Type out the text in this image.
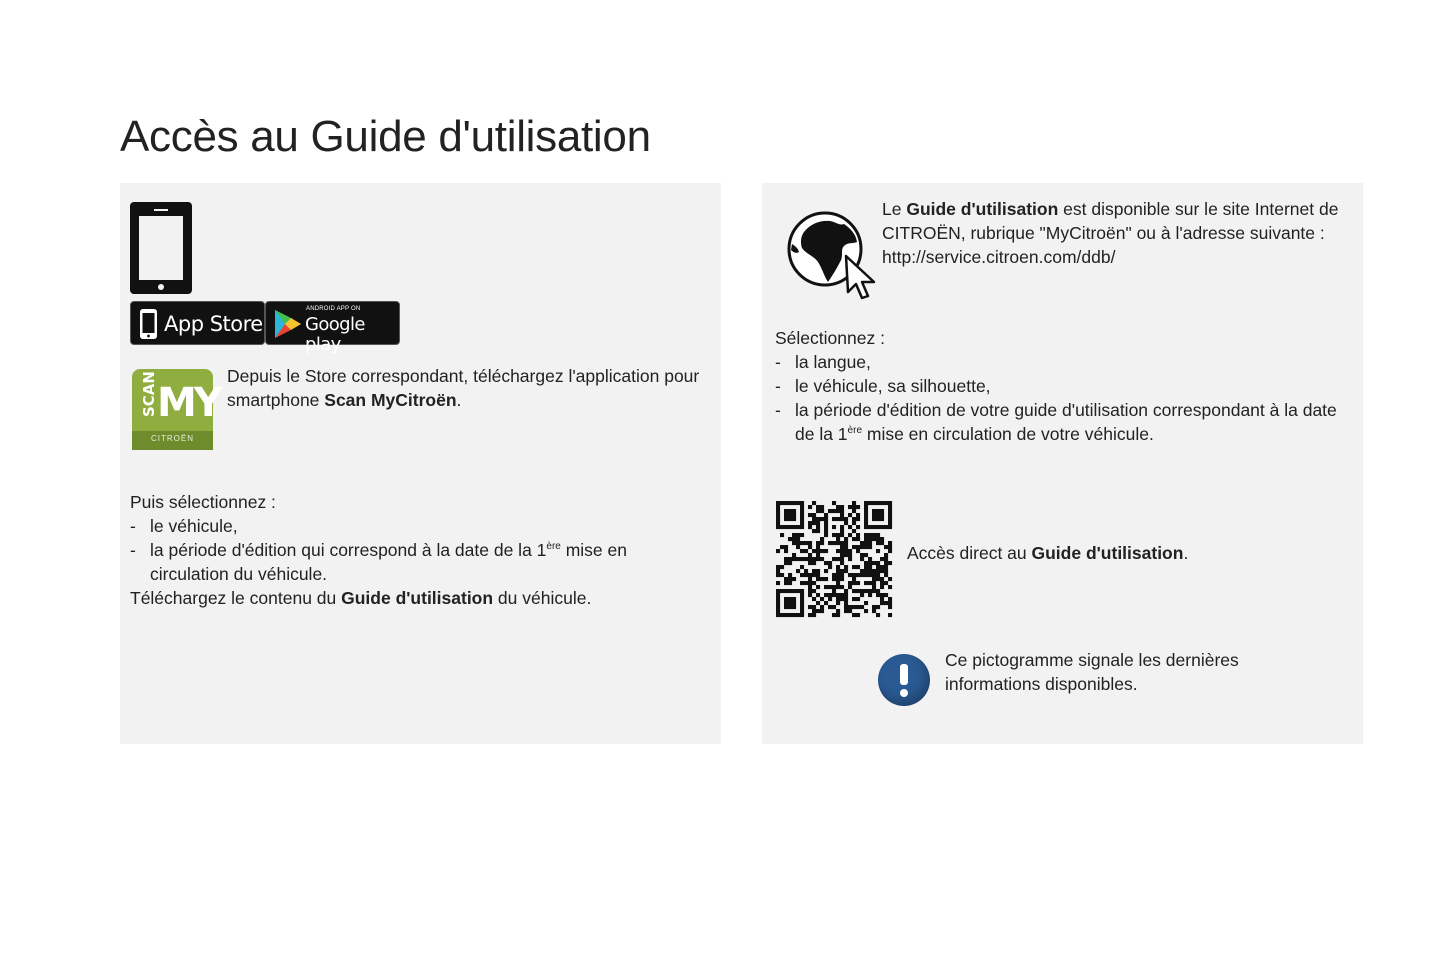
Accès au Guide d'utilisation
App Store
ANDROID APP ON
Google play
SCAN MY
CITROËN
Depuis le Store correspondant, téléchargez l'application pour smartphone Scan MyCitroën.
Puis sélectionnez :
- le véhicule,
- la période d'édition qui correspond à la date de la 1ère mise en circulation du véhicule.
Téléchargez le contenu du Guide d'utilisation du véhicule.
Le Guide d'utilisation est disponible sur le site Internet de CITROËN, rubrique "MyCitroën" ou à l'adresse suivante :
http://service.citroen.com/ddb/
Sélectionnez :
- la langue,
- le véhicule, sa silhouette,
- la période d'édition de votre guide d'utilisation correspondant à la date de la 1ère mise en circulation de votre véhicule.
Accès direct au Guide d'utilisation.
Ce pictogramme signale les dernières informations disponibles.
